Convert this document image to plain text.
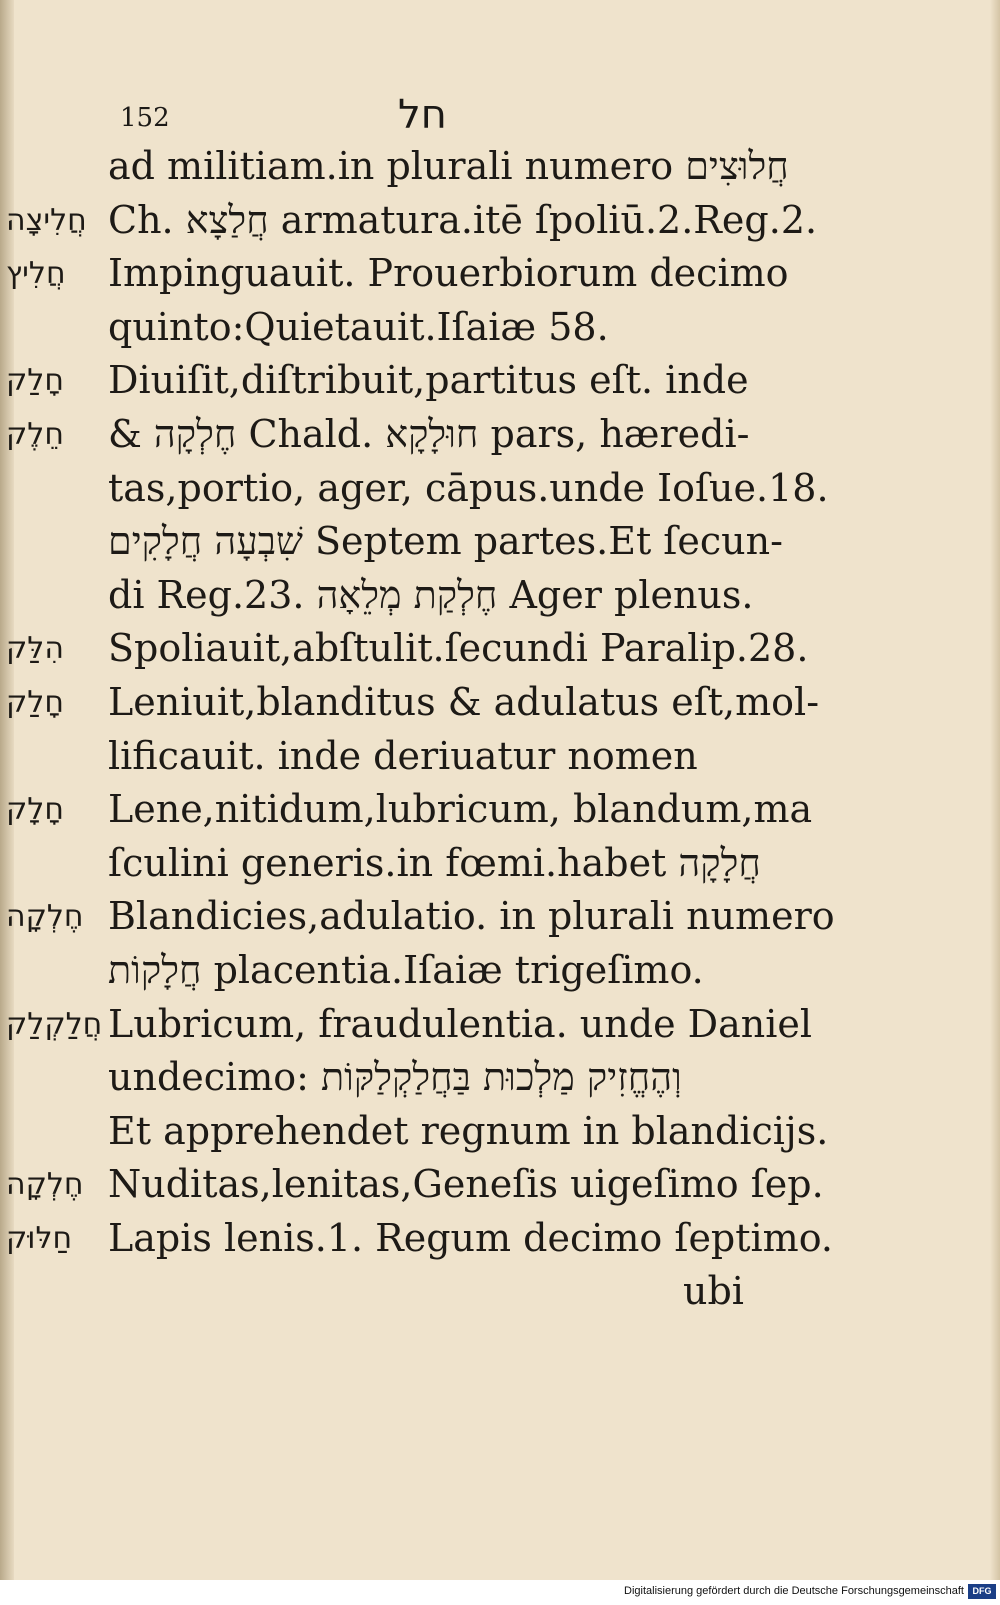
152	חל
ad militiam.in plurali numero חֲלוּצִים
חֲלִיצָה Ch. חֲלַצָא armatura.itē ſpoliū.2.Reg.2.
חֲלִיץ Impinguauit. Prouerbiorum decimo
quinto:Quietauit.Iſaiæ 58.
חָלַק Diuiſit,diſtribuit,partitus eſt. inde
חֵלֶק & חֶלְקָה Chald. חוּלָקָא pars, hæredi-
tas,portio, ager, cāpus.unde Ioſue.18.
שִׁבְעָה חֲלָקִים Septem partes.Et ſecun-
di Reg.23. חֶלְקַת מְלֵאָה Ager plenus.
הִלַּק Spoliauit,abſtulit.ſecundi Paralip.28.
חָלַק Leniuit,blanditus & adulatus eſt,mol-
lificauit. inde deriuatur nomen
חָלָק Lene,nitidum,lubricum, blandum,ma
ſculini generis.in fœmi.habet חֲלָקָה
חֶלְקָה Blandicies,adulatio. in plurali numero
חֲלָקוֹת placentia.Iſaiæ trigeſimo.
חֲלַקְלַק Lubricum, fraudulentia. unde Daniel
undecimo: וְהֶחֱזִיק מַלְכוּת בַּחֲלַקְלַקּוֹת
Et apprehendet regnum in blandicijs.
חֶלְקָה Nuditas,lenitas,Geneſis uigeſimo ſep.
חַלּוּק Lapis lenis.1. Regum decimo ſeptimo.
ubi
Digitalisierung gefördert durch die Deutsche Forschungsgemeinschaft DFG
